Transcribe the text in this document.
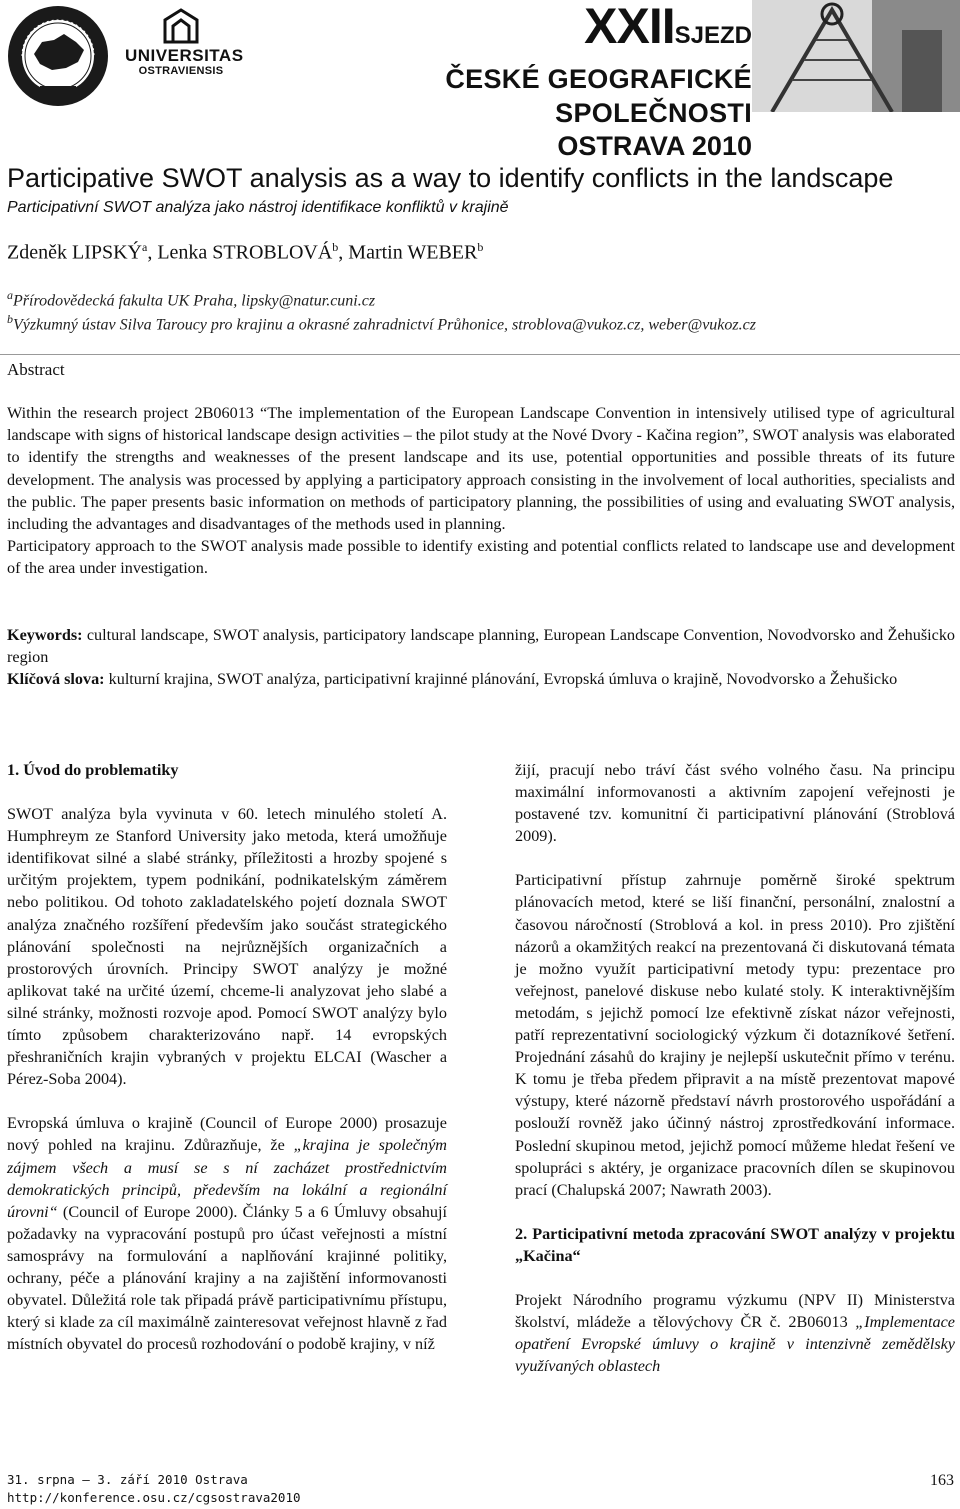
UNIVERSITAS
OSTRAVIENSIS
XXIISJEZD
ČESKÉ GEOGRAFICKÉ SPOLEČNOSTI
OSTRAVA 2010
Participative SWOT analysis as a way to identify conflicts in the landscape
Participativní SWOT analýza jako nástroj identifikace konfliktů v krajině
Zdeněk LIPSKÝ$^a$, Lenka STROBLOVÁ$^b$, Martin WEBER$^b$
$^a$Přírodovědecká fakulta UK Praha, lipsky@natur.cuni.cz
$^b$Výzkumný ústav Silva Taroucy pro krajinu a okrasné zahradnictví Průhonice, stroblova@vukoz.cz, weber@vukoz.cz
Abstract

Within the research project 2B06013 “The implementation of the European Landscape Convention in intensively utilised type of agricultural landscape with signs of historical landscape design activities – the pilot study at the Nové Dvory - Kačina region”, SWOT analysis was elaborated to identify the strengths and weaknesses of the present landscape and its use, potential opportunities and possible threats of its future development. The analysis was processed by applying a participatory approach consisting in the involvement of local authorities, specialists and the public. The paper presents basic information on methods of participatory planning, the possibilities of using and evaluating SWOT analysis, including the advantages and disadvantages of the methods used in planning.

Participatory approach to the SWOT analysis made possible to identify existing and potential conflicts related to landscape use and development of the area under investigation.

Keywords: cultural landscape, SWOT analysis, participatory landscape planning, European Landscape Convention, Novodvorsko and Žehušicko region

Klíčová slova: kulturní krajina, SWOT analýza, participativní krajinné plánování, Evropská úmluva o krajině, Novodvorsko a Žehušicko

1. Úvod do problematiky

SWOT analýza byla vyvinuta v 60. letech minulého století A. Humphreym ze Stanford University jako metoda, která umožňuje identifikovat silné a slabé stránky, příležitosti a hrozby spojené s určitým projektem, typem podnikání, podnikatelským záměrem nebo politikou. Od tohoto zakladatelského pojetí doznala SWOT analýza značného rozšíření především jako součást strategického plánování společnosti na nejrůznějších organizačních a prostorových úrovních. Principy SWOT analýzy je možné aplikovat také na určité území, chceme-li analyzovat jeho slabé a silné stránky, možnosti rozvoje apod. Pomocí SWOT analýzy bylo tímto způsobem charakterizováno např. 14 evropských přeshraničních krajin vybraných v projektu ELCAI (Wascher a Pérez-Soba 2004).

Evropská úmluva o krajině (Council of Europe 2000) prosazuje nový pohled na krajinu. Zdůrazňuje, že „krajina je společným zájmem všech a musí se s ní zacházet prostřednictvím demokratických principů, především na lokální a regionální úrovni“ (Council of Europe 2000). Články 5 a 6 Úmluvy obsahují požadavky na vypracování postupů pro účast veřejnosti a místní samosprávy na formulování a naplňování krajinné politiky, ochrany, péče a plánování krajiny a na zajištění informovanosti obyvatel. Důležitá role tak připadá právě participativnímu přístupu, který si klade za cíl maximálně zainteresovat veřejnost hlavně z řad místních obyvatel do procesů rozhodování o podobě krajiny, v níž

žijí, pracují nebo tráví část svého volného času. Na principu maximální informovanosti a aktivním zapojení veřejnosti je postavené tzv. komunitní či participativní plánování (Stroblová 2009).

Participativní přístup zahrnuje poměrně široké spektrum plánovacích metod, které se liší finanční, personální, znalostní a časovou náročností (Stroblová a kol. in press 2010). Pro zjištění názorů a okamžitých reakcí na prezentovaná či diskutovaná témata je možno využít participativní metody typu: prezentace pro veřejnost, panelové diskuse nebo kulaté stoly. K interaktivnějším metodám, s jejichž pomocí lze efektivně získat názor veřejnosti, patří reprezentativní sociologický výzkum či dotazníkové šetření. Projednání zásahů do krajiny je nejlepší uskutečnit přímo v terénu. K tomu je třeba předem připravit a na místě prezentovat mapové výstupy, které názorně představí návrh prostorového uspořádání a poslouží rovněž jako účinný nástroj zprostředkování informace. Poslední skupinou metod, jejichž pomocí můžeme hledat řešení ve spolupráci s aktéry, je organizace pracovních dílen se skupinovou prací (Chalupská 2007; Nawrath 2003).

2. Participativní metoda zpracování SWOT analýzy v projektu „Kačina“

Projekt Národního programu výzkumu (NPV II) Ministerstva školství, mládeže a tělovýchovy ČR č. 2B06013 „Implementace opatření Evropské úmluvy o krajině v intenzivně zemědělsky využívaných oblastech

31. srpna – 3. září 2010 Ostrava
http://konference.osu.cz/cgsostrava2010
163
